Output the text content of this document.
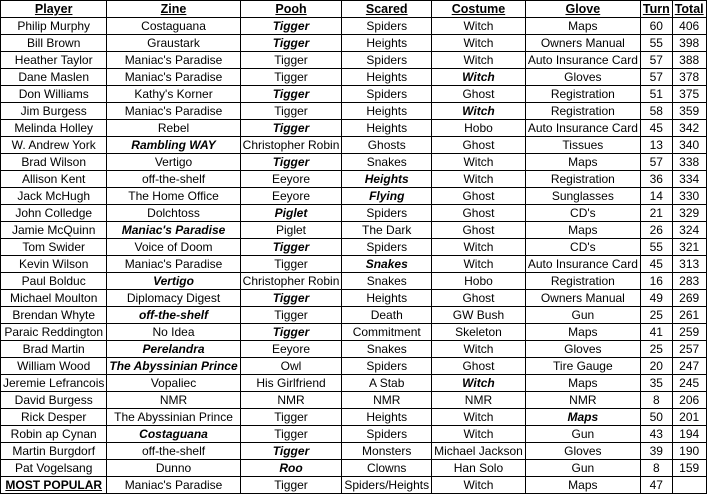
Player	Zine	Pooh	Scared	Costume	Glove	Turn	Total
Philip Murphy	Costaguana	Tigger	Spiders	Witch	Maps	60	406
Bill Brown	Graustark	Tigger	Heights	Witch	Owners Manual	55	398
Heather Taylor	Maniac's Paradise	Tigger	Spiders	Witch	Auto Insurance Card	57	388
Dane Maslen	Maniac's Paradise	Tigger	Heights	Witch	Gloves	57	378
Don Williams	Kathy's Korner	Tigger	Spiders	Ghost	Registration	51	375
Jim Burgess	Maniac's Paradise	Tigger	Heights	Witch	Registration	58	359
Melinda Holley	Rebel	Tigger	Heights	Hobo	Auto Insurance Card	45	342
W. Andrew York	Rambling WAY	Christopher Robin	Ghosts	Ghost	Tissues	13	340
Brad Wilson	Vertigo	Tigger	Snakes	Witch	Maps	57	338
Allison Kent	off-the-shelf	Eeyore	Heights	Witch	Registration	36	334
Jack McHugh	The Home Office	Eeyore	Flying	Ghost	Sunglasses	14	330
John Colledge	Dolchtoss	Piglet	Spiders	Ghost	CD's	21	329
Jamie McQuinn	Maniac's Paradise	Piglet	The Dark	Ghost	Maps	26	324
Tom Swider	Voice of Doom	Tigger	Spiders	Witch	CD's	55	321
Kevin Wilson	Maniac's Paradise	Tigger	Snakes	Witch	Auto Insurance Card	45	313
Paul Bolduc	Vertigo	Christopher Robin	Snakes	Hobo	Registration	16	283
Michael Moulton	Diplomacy Digest	Tigger	Heights	Ghost	Owners Manual	49	269
Brendan Whyte	off-the-shelf	Tigger	Death	GW Bush	Gun	25	261
Paraic Reddington	No Idea	Tigger	Commitment	Skeleton	Maps	41	259
Brad Martin	Perelandra	Eeyore	Snakes	Witch	Gloves	25	257
William Wood	The Abyssinian Prince	Owl	Spiders	Ghost	Tire Gauge	20	247
Jeremie Lefrancois	Vopaliec	His Girlfriend	A Stab	Witch	Maps	35	245
David Burgess	NMR	NMR	NMR	NMR	NMR	8	206
Rick Desper	The Abyssinian Prince	Tigger	Heights	Witch	Maps	50	201
Robin ap Cynan	Costaguana	Tigger	Spiders	Witch	Gun	43	194
Martin Burgdorf	off-the-shelf	Tigger	Monsters	Michael Jackson	Gloves	39	190
Pat Vogelsang	Dunno	Roo	Clowns	Han Solo	Gun	8	159
MOST POPULAR	Maniac's Paradise	Tigger	Spiders/Heights	Witch	Maps	47	
